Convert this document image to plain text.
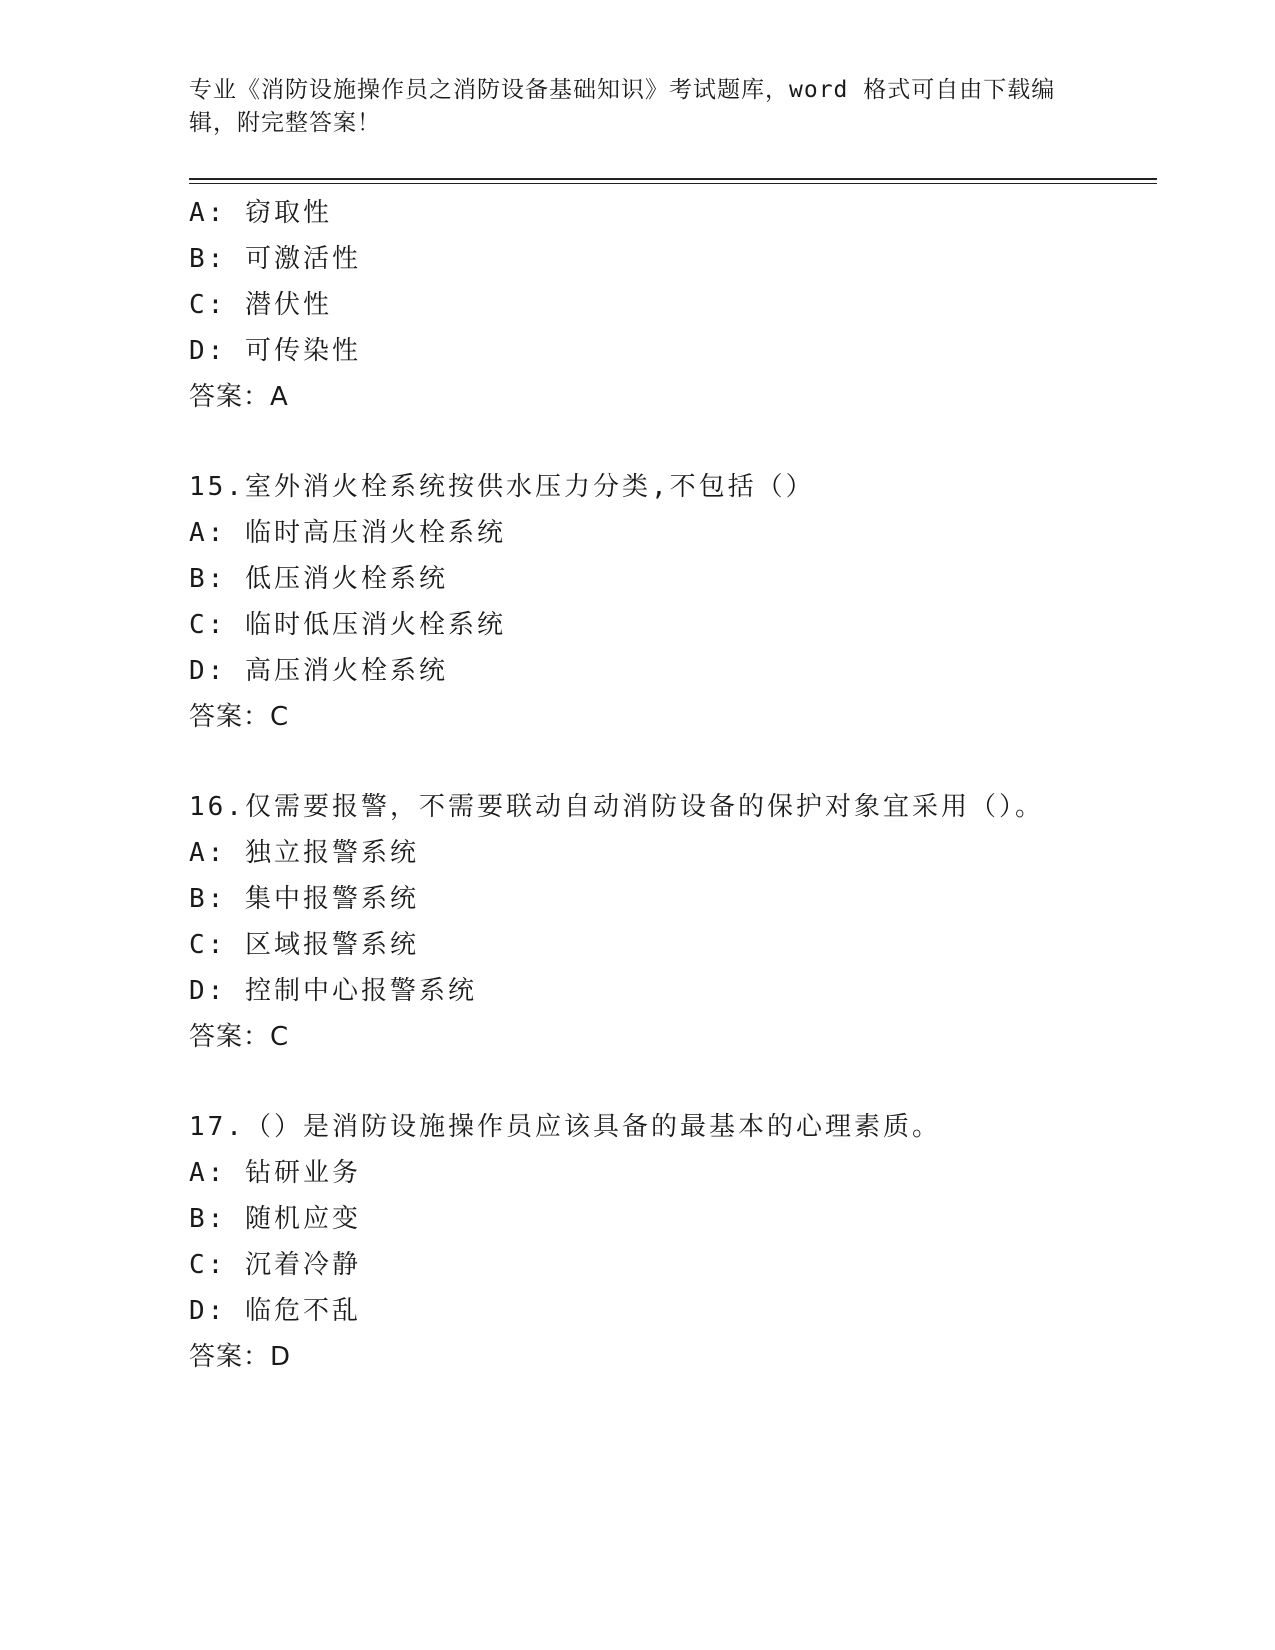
专业《消防设施操作员之消防设备基础知识》考试题库，word 格式可自由下载编辑，附完整答案！
A: 窃取性
B: 可激活性
C: 潜伏性
D: 可传染性
答案：A
15.室外消火栓系统按供水压力分类,不包括（）
A: 临时高压消火栓系统
B: 低压消火栓系统
C: 临时低压消火栓系统
D: 高压消火栓系统
答案：C
16.仅需要报警，不需要联动自动消防设备的保护对象宜采用（）。
A: 独立报警系统
B: 集中报警系统
C: 区域报警系统
D: 控制中心报警系统
答案：C
17.（）是消防设施操作员应该具备的最基本的心理素质。
A: 钻研业务
B: 随机应变
C: 沉着冷静
D: 临危不乱
答案：D
